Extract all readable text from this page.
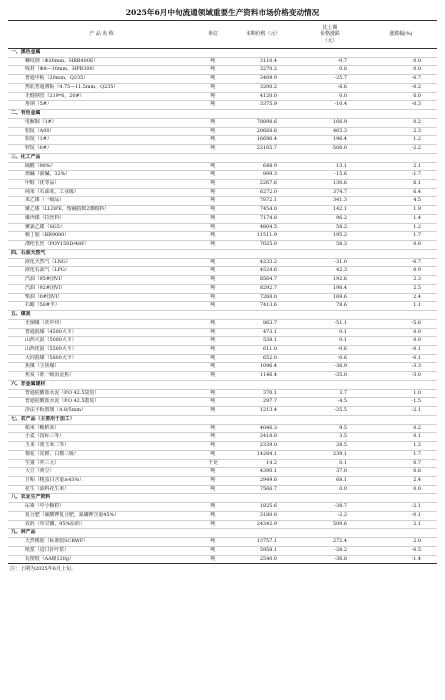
2025年6月中旬流通领域重要生产资料市场价格变动情况
产 品 名 称	单位	本期价格（元）	比上期
价格涨跌
（元）	涨跌幅(%)
一、黑色金属				
螺纹钢（Φ20mm，HRB400E）	吨	3110.4	-0.7	0.0
线材（Φ8—10mm，HPB300）	吨	3270.2	0.8	0.0
普通中板（20mm，Q235）	吨	3409.9	-25.7	-0.7
热轧普通薄板（4.75—11.5mm，Q235）	吨	3200.2	-6.6	-0.2
无缝钢管（219*6，20#）	吨	4120.0	0.0	0.0
角钢（5#）	吨	3375.9	-10.4	-0.3
二、有色金属				
电解铜（1#）	吨	78898.6	166.9	0.2
铝锭（A00）	吨	20668.6	465.3	2.3
铅锭（1#）	吨	16696.4	196.4	1.2
锌锭（0#）	吨	22165.7	-506.0	-2.2
三、化工产品				
硫酸（98%）	吨	648.9	13.1	2.1
烧碱（液碱，32%）	吨	899.3	-15.6	-1.7
甲醇（优等品）	吨	2267.6	130.6	6.1
纯苯（石油苯，工业级）	吨	6272.0	374.7	6.4
苯乙烯（一级品）	吨	7872.1	341.3	4.5
聚乙烯（LLDPE，熔融指数2薄膜料）	吨	7454.0	142.1	1.9
聚丙烯（拉丝料）	吨	7174.8	96.2	1.4
聚氯乙烯（SG5）	吨	4804.5	58.2	1.2
顺丁胶（BR9000）	吨	11511.9	195.2	1.7
涤纶长丝（POY150D/48F）	吨	7025.0	58.3	0.8
四、石油天然气				
液化天然气（LNG）	吨	4233.2	-31.0	-0.7
液化石油气（LPG）	吨	4524.6	42.3	0.9
汽油（95#国VI）	吨	8564.7	192.6	2.3
汽油（92#国VI）	吨	8292.7	198.4	2.5
柴油（0#国VI）	吨	7260.0	169.6	2.4
石蜡（58#半）	吨	7413.6	78.6	1.1
五、煤炭				
无烟煤（洗中块）	吨	863.7	-51.1	-5.6
普通混煤（4500大卡）	吨	473.1	0.1	0.0
山西大混（5000大卡）	吨	538.1	0.1	0.0
山西优混（5500大卡）	吨	611.0	-0.6	-0.1
大同混煤（5800大卡）	吨	652.0	-0.6	-0.1
焦煤（主焦煤）	吨	1096.4	-36.9	-3.3
焦炭（准一级冶金焦）	吨	1146.4	-35.0	-3.0
六、非金属建材				
普通硅酸盐水泥（P.O 42.5袋装）	吨	370.1	3.7	1.0
普通硅酸盐水泥（P.O 42.5散装）	吨	297.7	-4.5	-1.5
浮法平板玻璃（4.8/5mm）	吨	1213.4	-25.5	-2.1
七、农产品（主要用于加工）				
稻米（粳稻米）	吨	4046.3	9.5	0.2
小麦（国标三等）	吨	2418.8	3.5	0.1
玉米（黄玉米二等）	吨	2339.0	28.5	1.2
棉花（皮棉，白棉三级）	吨	14284.1	239.1	1.7
生猪（外三元）	千克	14.2	0.1	0.7
大豆（黄豆）	吨	4390.1	37.0	0.8
豆粕（粗蛋白含量≥43%）	吨	2949.6	68.1	2.4
花生（油料花生米）	吨	7566.7	0.0	0.0
八、农业生产资料				
尿素（中小颗粒）	吨	1825.6	-38.7	-2.1
复合肥（硫酸钾复合肥，氮磷钾含量45%）	吨	3180.8	-2.2	-0.1
农药（草甘膦，95%原药）	吨	24342.9	509.6	2.1
九、林产品				
天然橡胶（标准胶SCRWF）	吨	13757.1	272.4	2.0
纸浆（进口针叶浆）	吨	5958.1	-28.2	-0.5
瓦楞纸（AA级120g）	吨	2540.0	-36.8	-1.4
注：上期为2025年6月上旬。
